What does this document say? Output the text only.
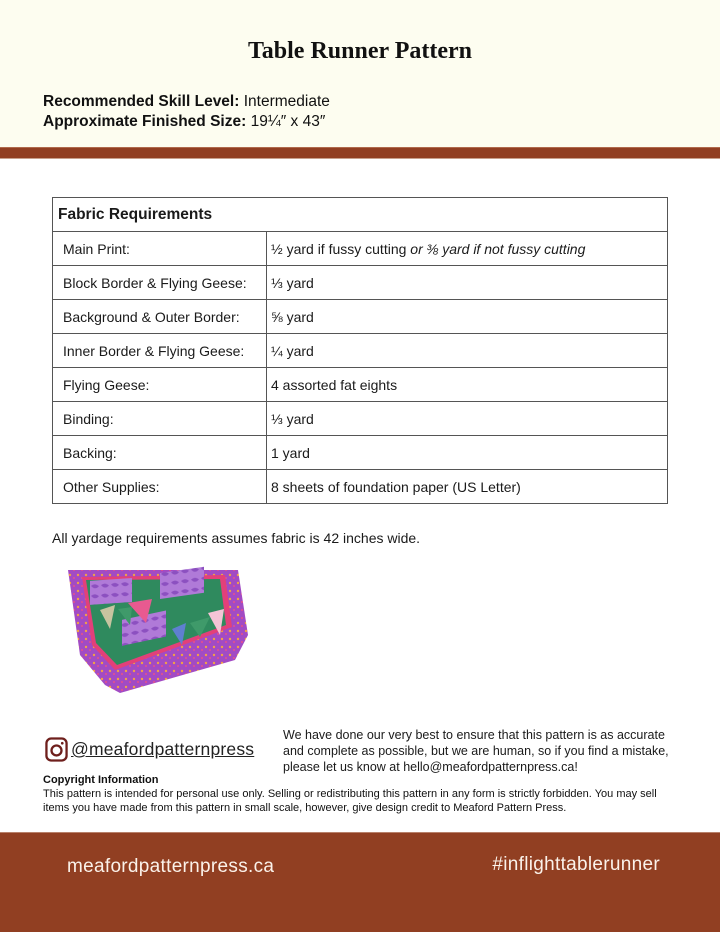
Table Runner Pattern
Recommended Skill Level: Intermediate
Approximate Finished Size: 19¼″ x 43″
Fabric Requirements	
Main Print:	½ yard if fussy cutting or ⅜ yard if not fussy cutting
Block Border & Flying Geese:	⅓ yard
Background & Outer Border:	⅝ yard
Inner Border & Flying Geese:	¼ yard
Flying Geese:	4 assorted fat eights
Binding:	⅓ yard
Backing:	1 yard
Other Supplies:	8 sheets of foundation paper (US Letter)

All yardage requirements assumes fabric is 42 inches wide.

@meafordpatternpress

We have done our very best to ensure that this pattern is as accurate and complete as possible, but we are human, so if you find a mistake, please let us know at hello@meafordpatternpress.ca!

Copyright Information

This pattern is intended for personal use only. Selling or redistributing this pattern in any form is strictly forbidden. You may sell items you have made from this pattern in small scale, however, give design credit to Meaford Pattern Press.

meafordpatternpress.ca	#inflighttablerunner
